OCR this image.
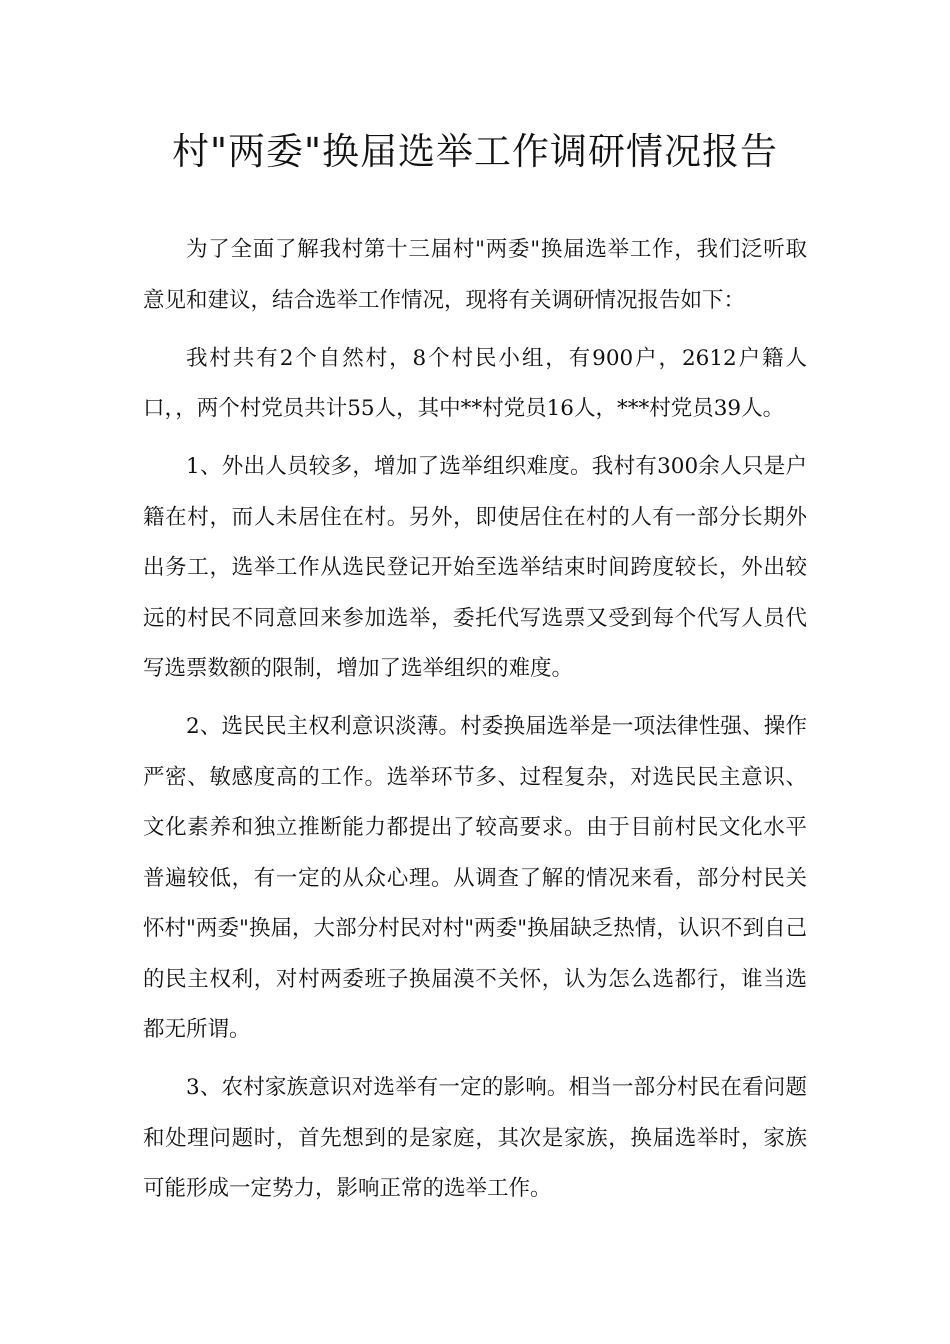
村"两委"换届选举工作调研情况报告

为了全面了解我村第十三届村"两委"换届选举工作，我们泛听取意见和建议，结合选举工作情况，现将有关调研情况报告如下：

我村共有2个自然村，8个村民小组，有900户，2612户籍人口，，两个村党员共计55人，其中**村党员16人，***村党员39人。

1、外出人员较多，增加了选举组织难度。我村有300余人只是户籍在村，而人未居住在村。另外，即使居住在村的人有一部分长期外出务工，选举工作从选民登记开始至选举结束时间跨度较长，外出较远的村民不同意回来参加选举，委托代写选票又受到每个代写人员代写选票数额的限制，增加了选举组织的难度。

2、选民民主权利意识淡薄。村委换届选举是一项法律性强、操作严密、敏感度高的工作。选举环节多、过程复杂，对选民民主意识、文化素养和独立推断能力都提出了较高要求。由于目前村民文化水平普遍较低，有一定的从众心理。从调查了解的情况来看，部分村民关怀村"两委"换届，大部分村民对村"两委"换届缺乏热情，认识不到自己的民主权利，对村两委班子换届漠不关怀，认为怎么选都行，谁当选都无所谓。

3、农村家族意识对选举有一定的影响。相当一部分村民在看问题和处理问题时，首先想到的是家庭，其次是家族，换届选举时，家族可能形成一定势力，影响正常的选举工作。
